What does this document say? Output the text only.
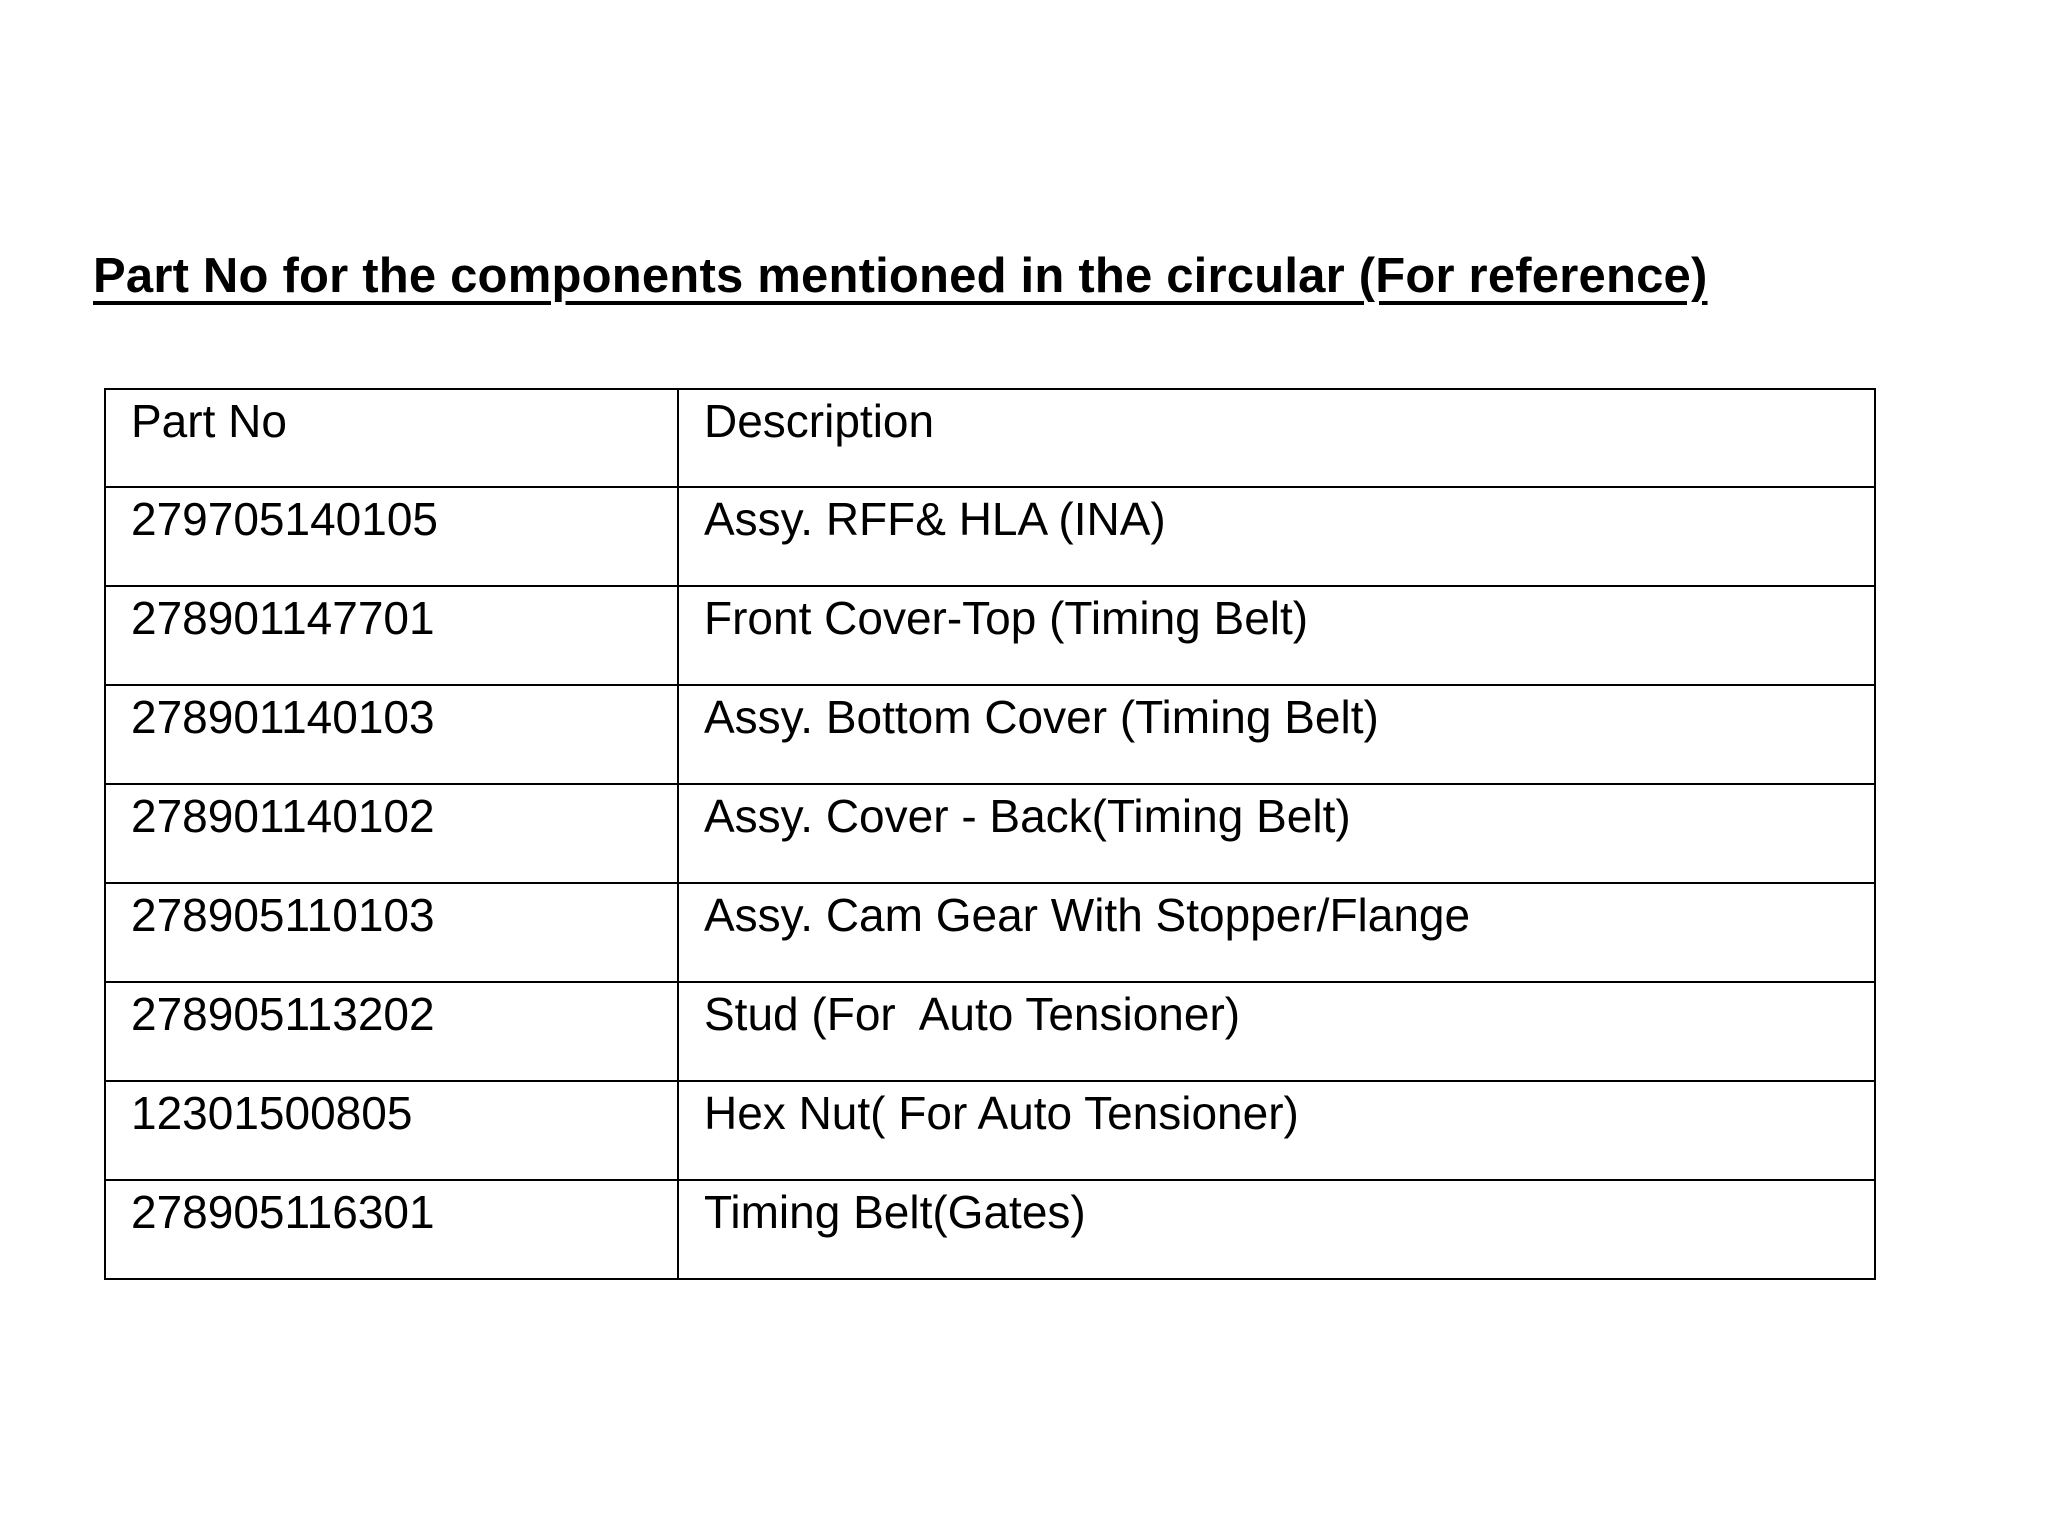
Part No for the components mentioned in the circular (For reference)
Part No	Description
279705140105	Assy. RFF& HLA (INA)
278901147701	Front Cover-Top (Timing Belt)
278901140103	Assy. Bottom Cover (Timing Belt)
278901140102	Assy. Cover - Back(Timing Belt)
278905110103	Assy. Cam Gear With Stopper/Flange
278905113202	Stud (For  Auto Tensioner)
12301500805	Hex Nut( For Auto Tensioner)
278905116301	Timing Belt(Gates)
